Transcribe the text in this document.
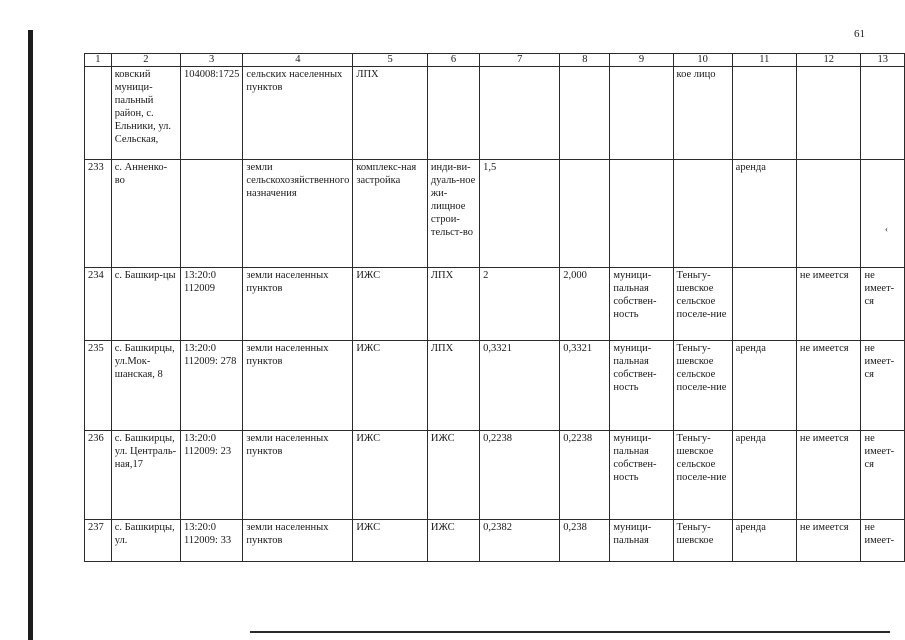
61
1	2	3	4	5	6	7	8	9	10	11	12	13
	ковский муници-пальный район, с. Ельники, ул. Сельская,	104008:1725	сельских населенных пунктов	ЛПХ					кое лицо			
233	с. Анненко-во		земли сельскохозяйственного назначения	комплекс-ная застройка	инди-ви-дуаль-ное жи-лищное строи-тельст-во	1,5				аренда		
234	с. Башкир-цы	13:20:0 112009	земли населенных пунктов	ИЖС	ЛПХ	2	2,000	муници-пальная собствен-ность	Теньгу-шевское сельское поселе-ние		не имеется	не имеет-ся
235	с. Башкирцы, ул.Мок-шанская, 8	13:20:0 112009: 278	земли населенных пунктов	ИЖС	ЛПХ	0,3321	0,3321	муници-пальная собствен-ность	Теньгу-шевское сельское поселе-ние	аренда	не имеется	не имеет-ся
236	с. Башкирцы, ул. Централь-ная,17	13:20:0 112009: 23	земли населенных пунктов	ИЖС	ИЖС	0,2238	0,2238	муници-пальная собствен-ность	Теньгу-шевское сельское поселе-ние	аренда	не имеется	не имеет-ся
237	с. Башкирцы, ул.	13:20:0 112009: 33	земли населенных пунктов	ИЖС	ИЖС	0,2382	0,238	муници-пальная	Теньгу-шевское	аренда	не имеется	не имеет-
‹
